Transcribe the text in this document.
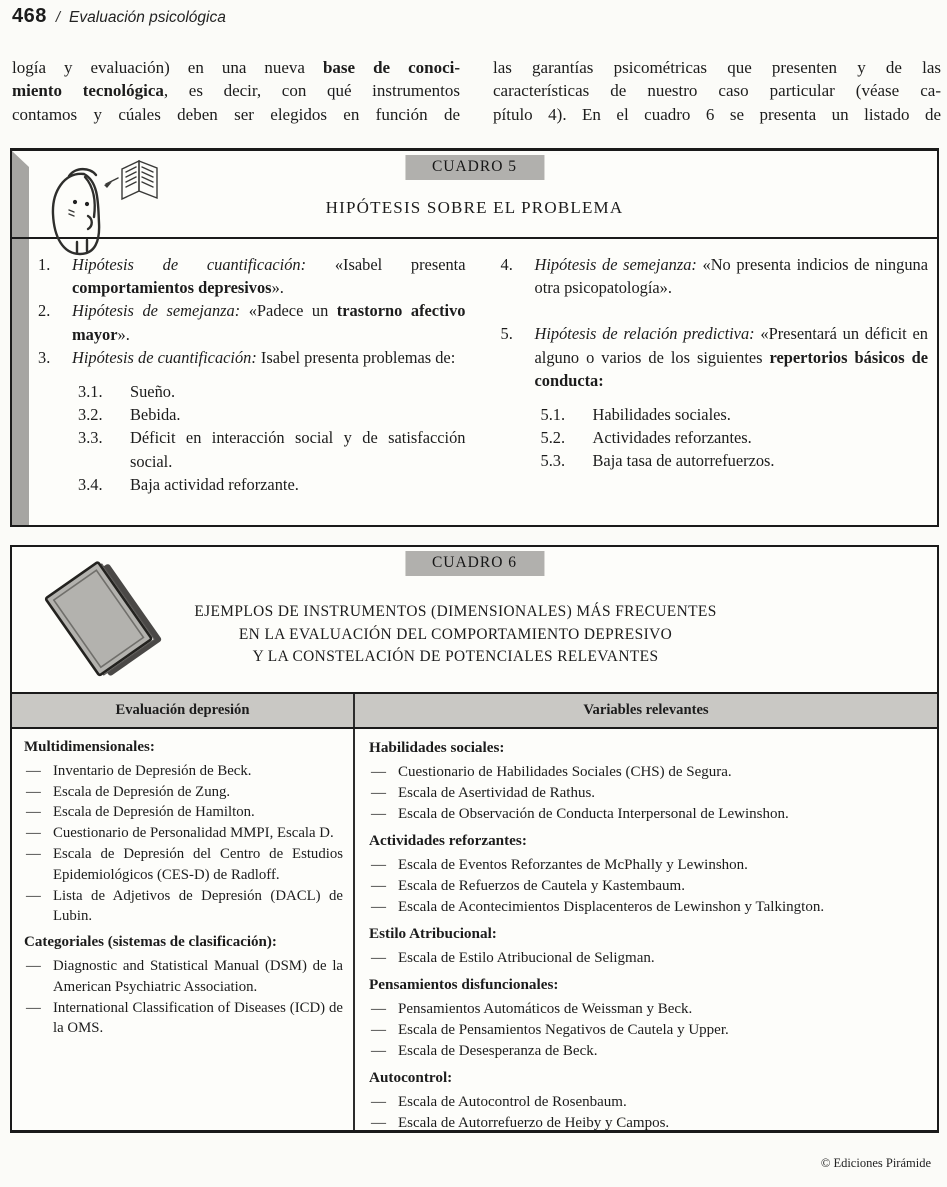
468 / Evaluación psicológica
logía y evaluación) en una nueva base de conoci-
miento tecnológica, es decir, con qué instrumentos
contamos y cúales deben ser elegidos en función de
las garantías psicométricas que presenten y de las
características de nuestro caso particular (véase ca-
pítulo 4). En el cuadro 6 se presenta un listado de
CUADRO 5
HIPÓTESIS SOBRE EL PROBLEMA
1.	Hipótesis de cuantificación: «Isabel presenta comportamientos depresivos».
2.	Hipótesis de semejanza: «Padece un trastorno afectivo mayor».
3.	Hipótesis de cuantificación: Isabel presenta problemas de:
3.1.	Sueño.
3.2.	Bebida.
3.3.	Déficit en interacción social y de satisfacción social.
3.4.	Baja actividad reforzante.
4.	Hipótesis de semejanza: «No presenta indicios de ninguna otra psicopatología».
5.	Hipótesis de relación predictiva: «Presentará un déficit en alguno o varios de los siguientes repertorios básicos de conducta:
5.1.	Habilidades sociales.
5.2.	Actividades reforzantes.
5.3.	Baja tasa de autorrefuerzos.
CUADRO 6
EJEMPLOS DE INSTRUMENTOS (DIMENSIONALES) MÁS FRECUENTES
EN LA EVALUACIÓN DEL COMPORTAMIENTO DEPRESIVO
Y LA CONSTELACIÓN DE POTENCIALES RELEVANTES
Evaluación depresión	Variables relevantes
Multidimensionales:
— Inventario de Depresión de Beck.
— Escala de Depresión de Zung.
— Escala de Depresión de Hamilton.
— Cuestionario de Personalidad MMPI, Escala D.
— Escala de Depresión del Centro de Estudios Epidemiológicos (CES-D) de Radloff.
— Lista de Adjetivos de Depresión (DACL) de Lubin.
Categoriales (sistemas de clasificación):
— Diagnostic and Statistical Manual (DSM) de la American Psychiatric Association.
— International Classification of Diseases (ICD) de la OMS.
Habilidades sociales:
— Cuestionario de Habilidades Sociales (CHS) de Segura.
— Escala de Asertividad de Rathus.
— Escala de Observación de Conducta Interpersonal de Lewinshon.
Actividades reforzantes:
— Escala de Eventos Reforzantes de McPhally y Lewinshon.
— Escala de Refuerzos de Cautela y Kastembaum.
— Escala de Acontecimientos Displacenteros de Lewinshon y Talkington.
Estilo Atribucional:
— Escala de Estilo Atribucional de Seligman.
Pensamientos disfuncionales:
— Pensamientos Automáticos de Weissman y Beck.
— Escala de Pensamientos Negativos de Cautela y Upper.
— Escala de Desesperanza de Beck.
Autocontrol:
— Escala de Autocontrol de Rosenbaum.
— Escala de Autorrefuerzo de Heiby y Campos.
© Ediciones Pirámide
